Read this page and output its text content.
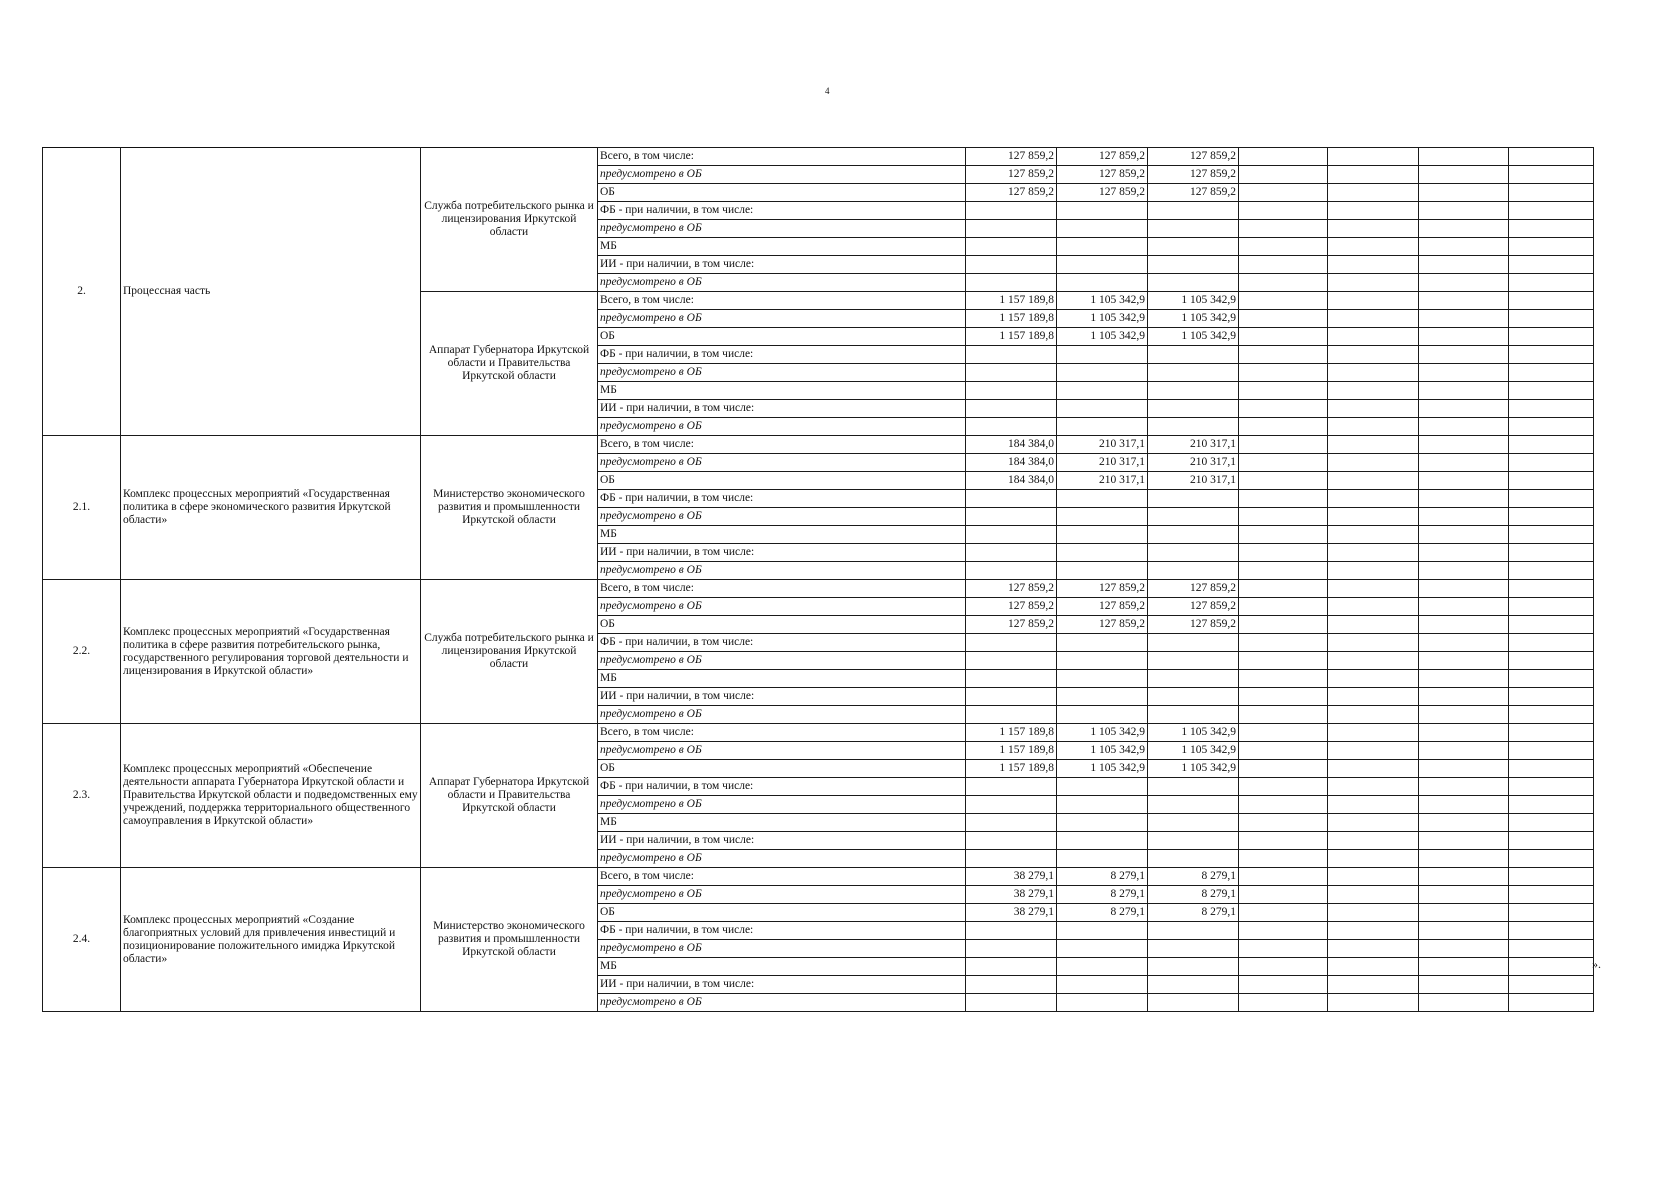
4
2.	Процессная часть	Служба потребительского рынка и лицензирования Иркутской области	Всего, в том числе:	127 859,2	127 859,2	127 859,2				
			предусмотрено в ОБ	127 859,2	127 859,2	127 859,2				
			ОБ	127 859,2	127 859,2	127 859,2				
			ФБ - при наличии, в том числе:							
			предусмотрено в ОБ							
			МБ							
			ИИ - при наличии, в том числе:							
			предусмотрено в ОБ							
		Аппарат Губернатора Иркутской области и Правительства Иркутской области	Всего, в том числе:	1 157 189,8	1 105 342,9	1 105 342,9				
			предусмотрено в ОБ	1 157 189,8	1 105 342,9	1 105 342,9				
			ОБ	1 157 189,8	1 105 342,9	1 105 342,9				
			ФБ - при наличии, в том числе:							
			предусмотрено в ОБ							
			МБ							
			ИИ - при наличии, в том числе:							
			предусмотрено в ОБ							
2.1.	Комплекс процессных мероприятий «Государственная политика в сфере экономического развития Иркутской области»	Министерство экономического развития и промышленности Иркутской области	Всего, в том числе:	184 384,0	210 317,1	210 317,1				
			предусмотрено в ОБ	184 384,0	210 317,1	210 317,1				
			ОБ	184 384,0	210 317,1	210 317,1				
			ФБ - при наличии, в том числе:							
			предусмотрено в ОБ							
			МБ							
			ИИ - при наличии, в том числе:							
			предусмотрено в ОБ							
2.2.	Комплекс процессных мероприятий «Государственная политика в сфере развития потребительского рынка, государственного регулирования торговой деятельности и лицензирования в Иркутской области»	Служба потребительского рынка и лицензирования Иркутской области	Всего, в том числе:	127 859,2	127 859,2	127 859,2				
			предусмотрено в ОБ	127 859,2	127 859,2	127 859,2				
			ОБ	127 859,2	127 859,2	127 859,2				
			ФБ - при наличии, в том числе:							
			предусмотрено в ОБ							
			МБ							
			ИИ - при наличии, в том числе:							
			предусмотрено в ОБ							
2.3.	Комплекс процессных мероприятий «Обеспечение деятельности аппарата Губернатора Иркутской области и Правительства Иркутской области и подведомственных ему учреждений, поддержка территориального общественного самоуправления в Иркутской области»	Аппарат Губернатора Иркутской области и Правительства Иркутской области	Всего, в том числе:	1 157 189,8	1 105 342,9	1 105 342,9				
			предусмотрено в ОБ	1 157 189,8	1 105 342,9	1 105 342,9				
			ОБ	1 157 189,8	1 105 342,9	1 105 342,9				
			ФБ - при наличии, в том числе:							
			предусмотрено в ОБ							
			МБ							
			ИИ - при наличии, в том числе:							
			предусмотрено в ОБ							
2.4.	Комплекс процессных мероприятий «Создание благоприятных условий для привлечения инвестиций и позиционирование положительного имиджа Иркутской области»	Министерство экономического развития и промышленности Иркутской области	Всего, в том числе:	38 279,1	8 279,1	8 279,1				
			предусмотрено в ОБ	38 279,1	8 279,1	8 279,1				
			ОБ	38 279,1	8 279,1	8 279,1				
			ФБ - при наличии, в том числе:							
			предусмотрено в ОБ							
			МБ							
			ИИ - при наличии, в том числе:							
			предусмотрено в ОБ							
».
